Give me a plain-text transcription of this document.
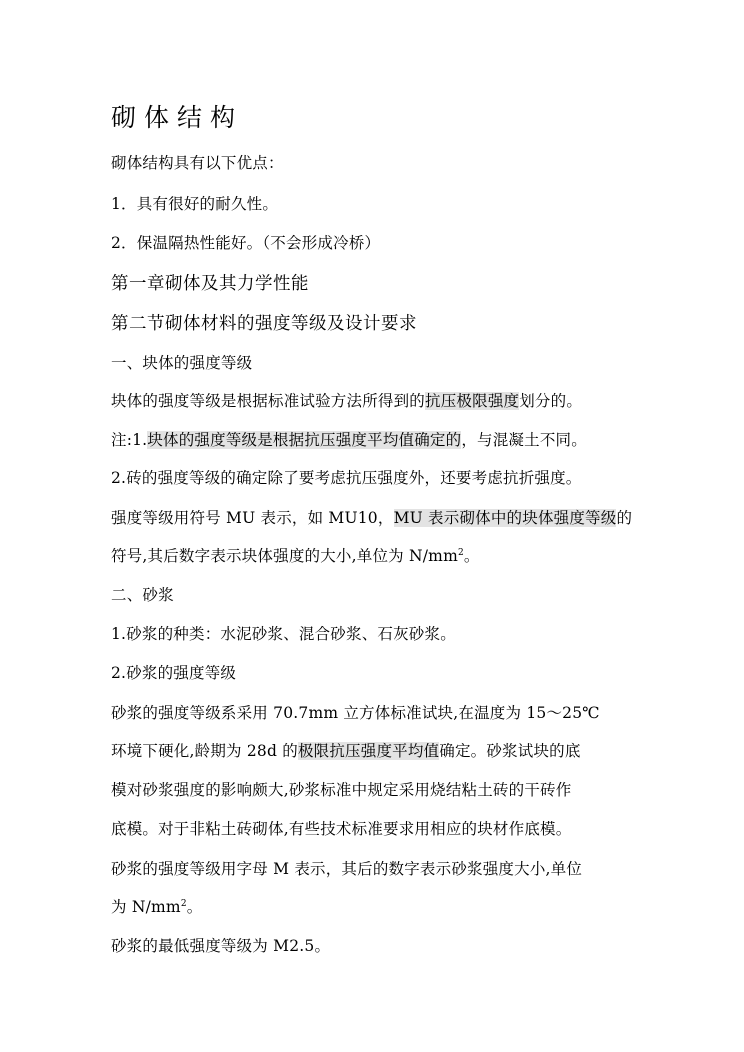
砌体结构
砌体结构具有以下优点：
1．具有很好的耐久性。
2．保温隔热性能好。（不会形成冷桥）
第一章砌体及其力学性能
第二节砌体材料的强度等级及设计要求
一、块体的强度等级
块体的强度等级是根据标准试验方法所得到的抗压极限强度划分的。
注:1.块体的强度等级是根据抗压强度平均值确定的，与混凝土不同。
2.砖的强度等级的确定除了要考虑抗压强度外，还要考虑抗折强度。
强度等级用符号 MU 表示，如 MU10，MU 表示砌体中的块体强度等级的
符号,其后数字表示块体强度的大小,单位为 $N/mm^2$。
二、砂浆
1.砂浆的种类：水泥砂浆、混合砂浆、石灰砂浆。
2.砂浆的强度等级
砂浆的强度等级系采用 70.7mm 立方体标准试块,在温度为 15～25℃
环境下硬化,龄期为 28d 的极限抗压强度平均值确定。砂浆试块的底
模对砂浆强度的影响颇大,砂浆标准中规定采用烧结粘土砖的干砖作
底模。对于非粘土砖砌体,有些技术标准要求用相应的块材作底模。
砂浆的强度等级用字母 M 表示，其后的数字表示砂浆强度大小,单位
为 $N/mm^2$。
砂浆的最低强度等级为 M2.5。
